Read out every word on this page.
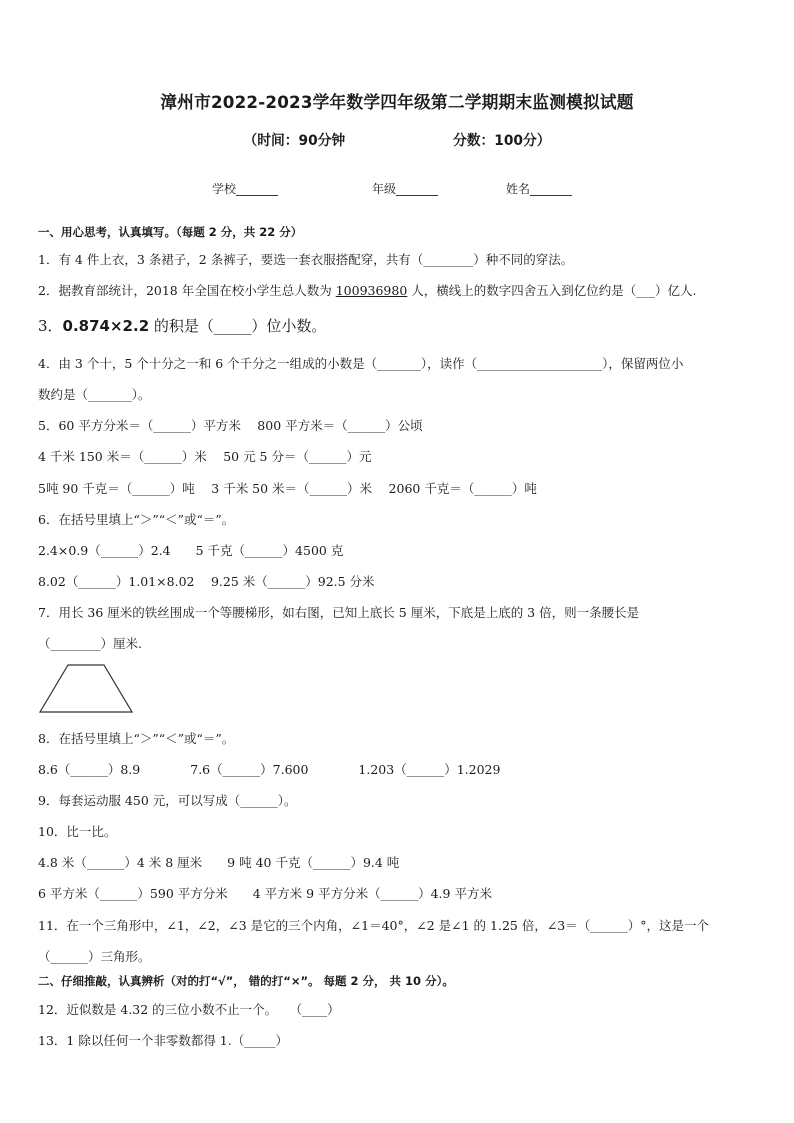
漳州市2022-2023学年数学四年级第二学期期末监测模拟试题
（时间：90分钟	分数：100分）
学校_______	年级_______	姓名_______
一、用心思考，认真填写。（每题 2 分，共 22 分）
1．有 4 件上衣，3 条裙子，2 条裤子，要选一套衣服搭配穿，共有（________）种不同的穿法。
2．据教育部统计，2018 年全国在校小学生总人数为 100936980 人，横线上的数字四舍五入到亿位约是（___）亿人.
3．0.874×2.2 的积是（_____）位小数。
4．由 3 个十，5 个十分之一和 6 个千分之一组成的小数是（_______），读作（____________________），保留两位小
数约是（_______）。
5．60 平方分米＝（______）平方米　 800 平方米＝（______）公顷
4 千米 150 米＝（______）米　 50 元 5 分＝（______）元
5吨 90 千克＝（______）吨　 3 千米 50 米＝（______）米　 2060 千克＝（______）吨
6．在括号里填上“＞”“＜”或“＝”。
2.4×0.9（______）2.4　　5 千克（______）4500 克
8.02（______）1.01×8.02　 9.25 米（______）92.5 分米
7．用长 36 厘米的铁丝围成一个等腰梯形，如右图，已知上底长 5 厘米，下底是上底的 3 倍，则一条腰长是
（________）厘米.
8．在括号里填上“＞”“＜”或“＝”。
8.6（______）8.9　　　　7.6（______）7.600　　　　1.203（______）1.2029
9．每套运动服 450 元，可以写成（______）。
10．比一比。
4.8 米（______）4 米 8 厘米　　9 吨 40 千克（______）9.4 吨
6 平方米（______）590 平方分米　　4 平方米 9 平方分米（______）4.9 平方米
11．在一个三角形中，∠1，∠2，∠3 是它的三个内角，∠1＝40°，∠2 是∠1 的 1.25 倍，∠3＝（______）°，这是一个
（______）三角形。
二、仔细推敲，认真辨析（对的打“√”， 错的打“×”。 每题 2 分， 共 10 分）。
12．近似数是 4.32 的三位小数不止一个。　　（____）
13．1 除以任何一个非零数都得 1.（_____）
